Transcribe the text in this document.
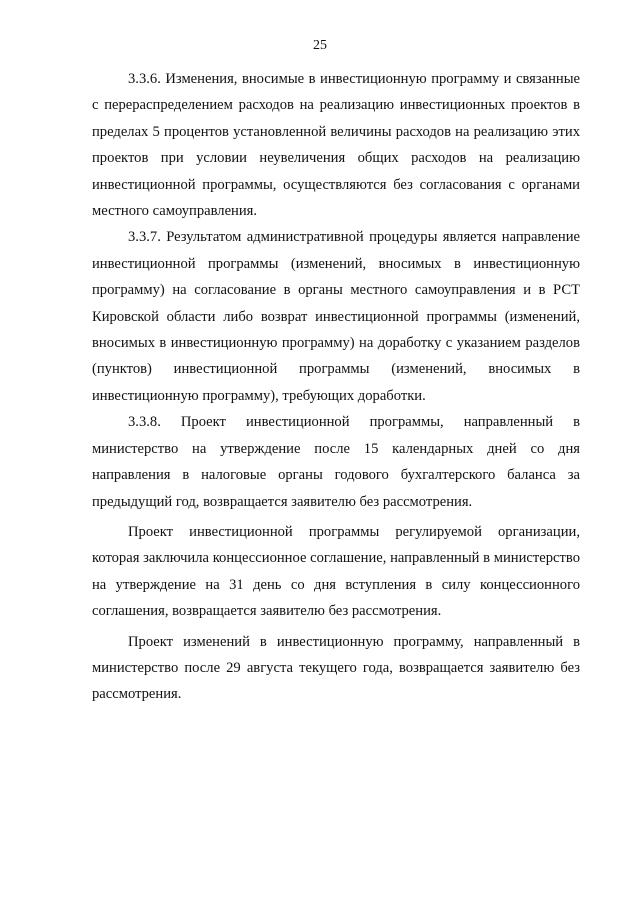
25

3.3.6. Изменения, вносимые в инвестиционную программу и связанные с перераспределением расходов на реализацию инвестиционных проектов в пределах 5 процентов установленной величины расходов на реализацию этих проектов при условии неувеличения общих расходов на реализацию инвестиционной программы, осуществляются без согласования с органами местного самоуправления.

3.3.7. Результатом административной процедуры является направление инвестиционной программы (изменений, вносимых в инвестиционную программу) на согласование в органы местного самоуправления и в РСТ Кировской области либо возврат инвестиционной программы (изменений, вносимых в инвестиционную программу) на доработку с указанием разделов (пунктов) инвестиционной программы (изменений, вносимых в инвестиционную программу), требующих доработки.

3.3.8. Проект инвестиционной программы, направленный в министерство на утверждение после 15 календарных дней со дня направления в налоговые органы годового бухгалтерского баланса за предыдущий год, возвращается заявителю без рассмотрения.

Проект инвестиционной программы регулируемой организации, которая заключила концессионное соглашение, направленный в министерство на утверждение на 31 день со дня вступления в силу концессионного соглашения, возвращается заявителю без рассмотрения.

Проект изменений в инвестиционную программу, направленный в министерство после 29 августа текущего года, возвращается заявителю без рассмотрения.
